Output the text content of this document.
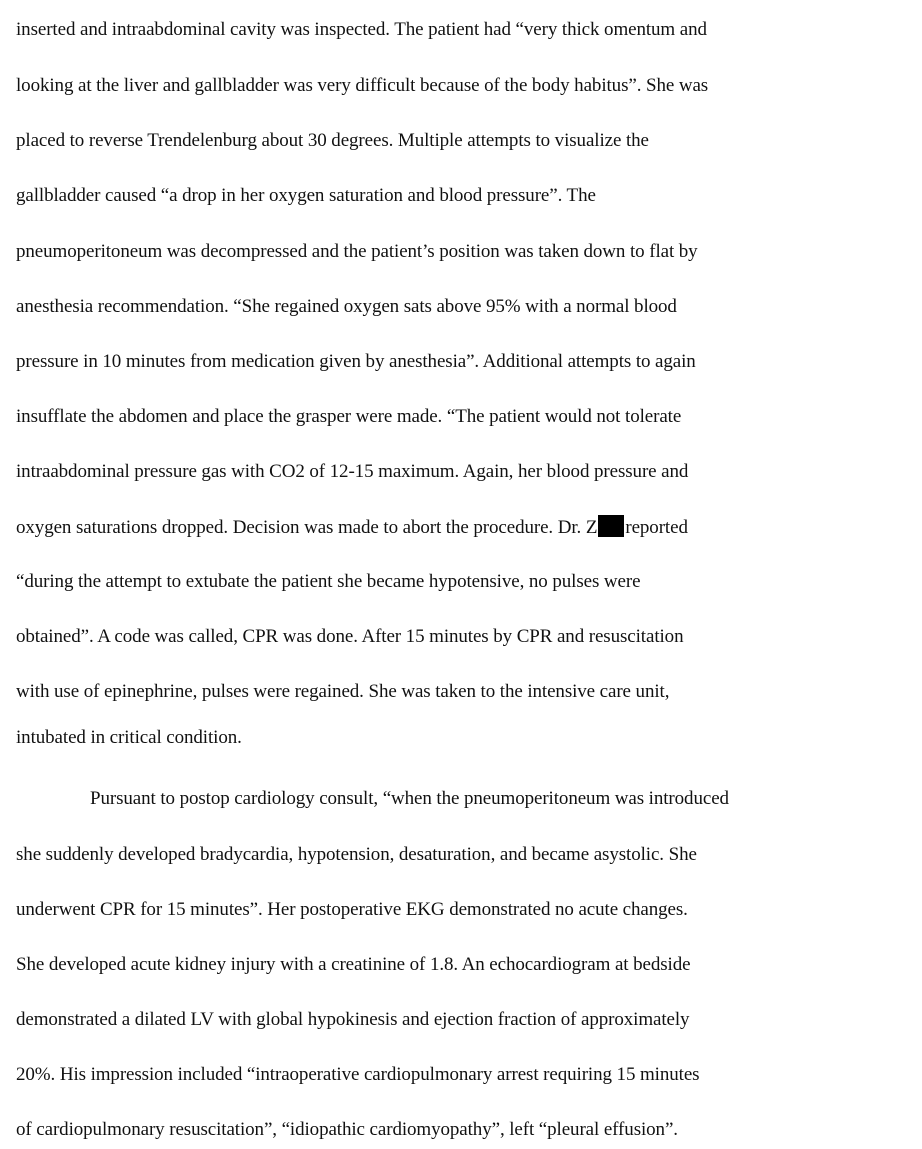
inserted and intraabdominal cavity was inspected. The patient had “very thick omentum and
looking at the liver and gallbladder was very difficult because of the body habitus”. She was
placed to reverse Trendelenburg about 30 degrees. Multiple attempts to visualize the
gallbladder caused “a drop in her oxygen saturation and blood pressure”. The
pneumoperitoneum was decompressed and the patient’s position was taken down to flat by
anesthesia recommendation. “She regained oxygen sats above 95% with a normal blood
pressure in 10 minutes from medication given by anesthesia”. Additional attempts to again
insufflate the abdomen and place the grasper were made. “The patient would not tolerate
intraabdominal pressure gas with CO2 of 12-15 maximum. Again, her blood pressure and
oxygen saturations dropped. Decision was made to abort the procedure. Dr. Z reported
“during the attempt to extubate the patient she became hypotensive, no pulses were
obtained”. A code was called, CPR was done. After 15 minutes by CPR and resuscitation
with use of epinephrine, pulses were regained. She was taken to the intensive care unit,
intubated in critical condition.
Pursuant to postop cardiology consult, “when the pneumoperitoneum was introduced
she suddenly developed bradycardia, hypotension, desaturation, and became asystolic. She
underwent CPR for 15 minutes”. Her postoperative EKG demonstrated no acute changes.
She developed acute kidney injury with a creatinine of 1.8. An echocardiogram at bedside
demonstrated a dilated LV with global hypokinesis and ejection fraction of approximately
20%. His impression included “intraoperative cardiopulmonary arrest requiring 15 minutes
of cardiopulmonary resuscitation”, “idiopathic cardiomyopathy”, left “pleural effusion”.
